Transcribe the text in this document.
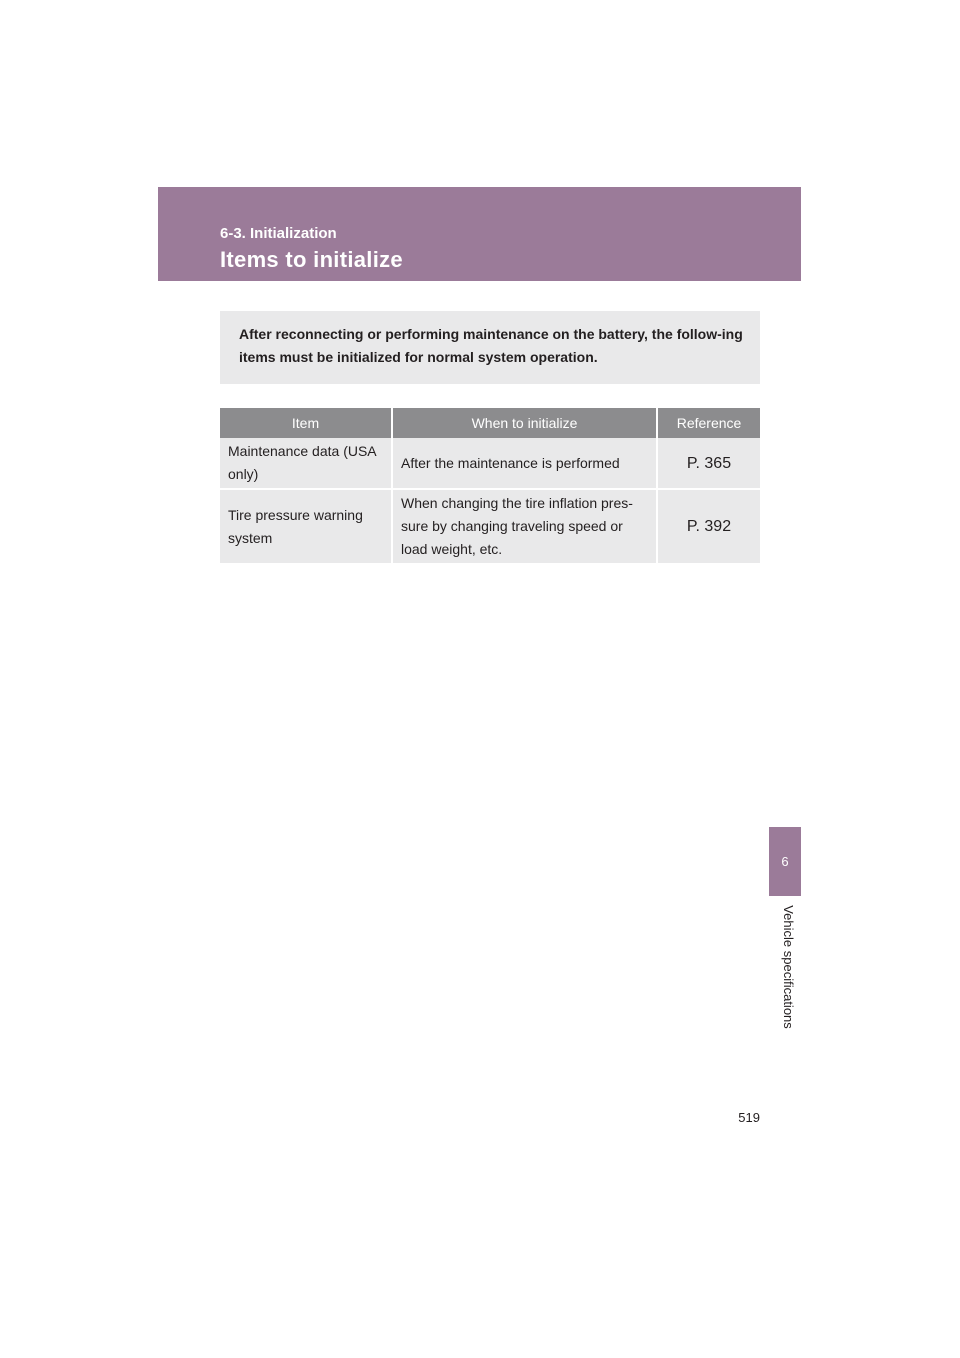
6-3. Initialization
Items to initialize
After reconnecting or performing maintenance on the battery, the follow-ing items must be initialized for normal system operation.
Item	When to initialize	Reference
Maintenance data (USA only)	After the maintenance is performed	P. 365
Tire pressure warning system	When changing the tire inflation pres-sure by changing traveling speed or load weight, etc.	P. 392
6
Vehicle specifications
519
